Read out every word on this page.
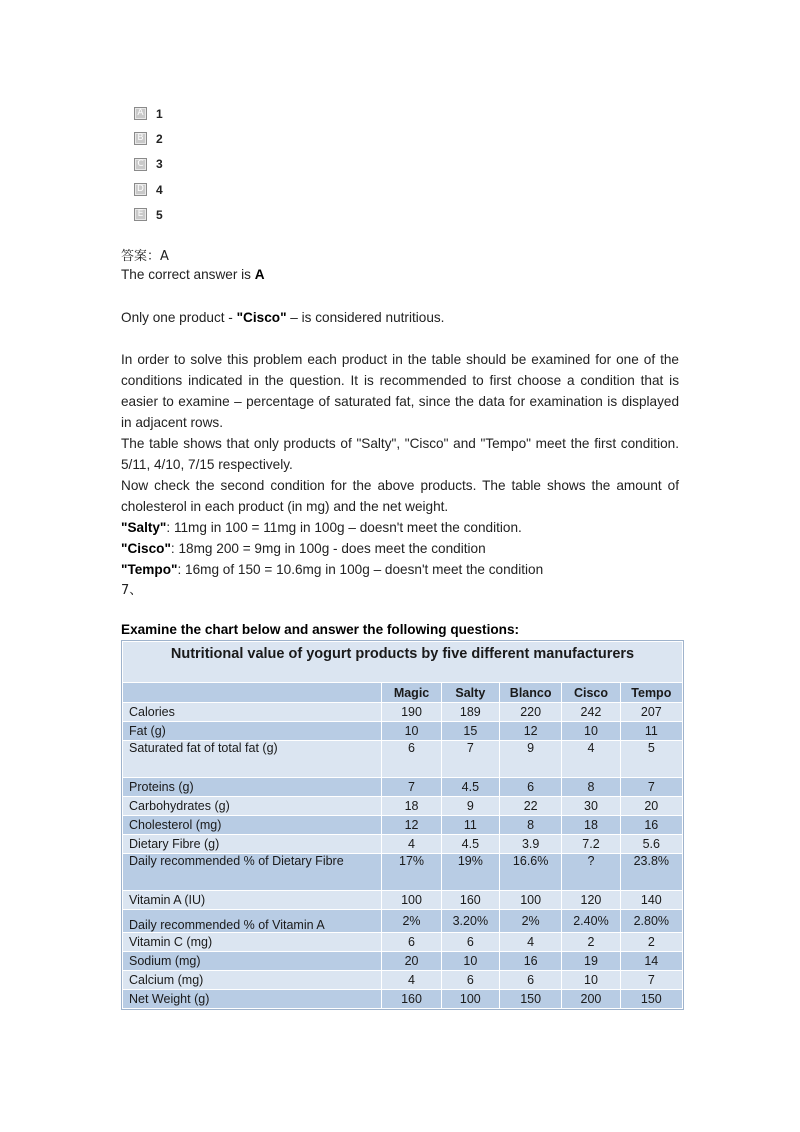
A 1
B 2
C 3
D 4
E	5
答案：A
The correct answer is A
Only one product - "Cisco" – is considered nutritious.
In order to solve this problem each product in the table should be examined for one of the conditions indicated in the question. It is recommended to first choose a condition that is easier to examine – percentage of saturated fat, since the data for examination is displayed in adjacent rows.
The table shows that only products of "Salty", "Cisco" and "Tempo" meet the first condition. 5/11, 4/10, 7/15 respectively.
Now check the second condition for the above products. The table shows the amount of cholesterol in each product (in mg) and the net weight.
"Salty": 11mg in 100 = 11mg in 100g – doesn't meet the condition.
"Cisco": 18mg 200 = 9mg in 100g - does meet the condition
"Tempo": 16mg of 150 = 10.6mg in 100g – doesn't meet the condition
7、
Examine the chart below and answer the following questions:
Nutritional value of yogurt products by five different manufacturers					
	Magic	Salty	Blanco	Cisco	Tempo
Calories	190	189	220	242	207
Fat (g)	10	15	12	10	11
Saturated fat of total fat (g)	6	7	9	4	5
Proteins (g)	7	4.5	6	8	7
Carbohydrates (g)	18	9	22	30	20
Cholesterol (mg)	12	11	8	18	16
Dietary Fibre (g)	4	4.5	3.9	7.2	5.6
Daily recommended % of Dietary Fibre	17%	19%	16.6%	?	23.8%
Vitamin A (IU)	100	160	100	120	140
Daily recommended % of Vitamin A	2%	3.20%	2%	2.40%	2.80%
Vitamin C (mg)	6	6	4	2	2
Sodium (mg)	20	10	16	19	14
Calcium (mg)	4	6	6	10	7
Net Weight (g)	160	100	150	200	150
